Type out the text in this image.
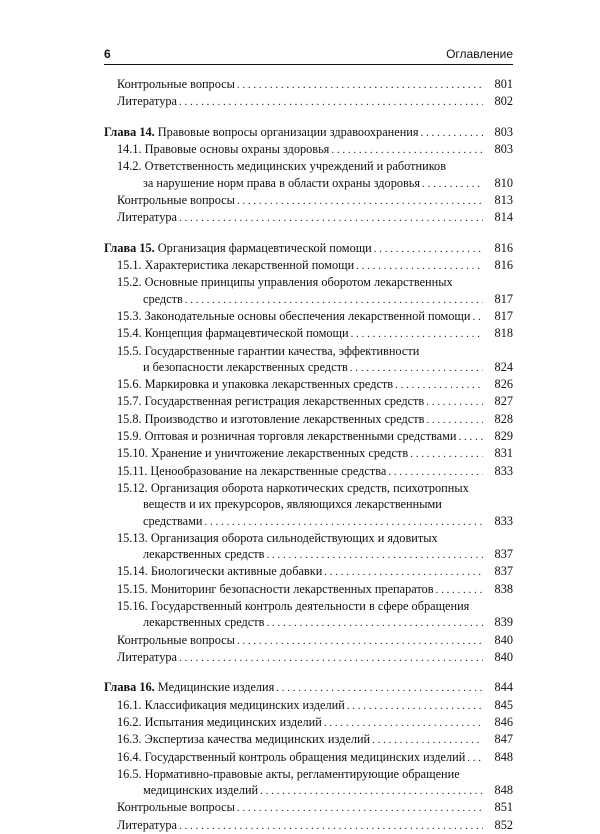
6	Оглавление
Контрольные вопросы . . .	801
Литература . . .	802
Глава 14. Правовые вопросы организации здравоохранения . . .	803
14.1. Правовые основы охраны здоровья . . .	803
14.2. Ответственность медицинских учреждений и работников
за нарушение норм права в области охраны здоровья . . .	810
Контрольные вопросы . . .	813
Литература . . .	814
Глава 15. Организация фармацевтической помощи . . .	816
15.1. Характеристика лекарственной помощи . . .	816
15.2. Основные принципы управления оборотом лекарственных
средств . . .	817
15.3. Законодательные основы обеспечения лекарственной помощи . . .	817
15.4. Концепция фармацевтической помощи . . .	818
15.5. Государственные гарантии качества, эффективности
и безопасности лекарственных средств . . .	824
15.6. Маркировка и упаковка лекарственных средств . . .	826
15.7. Государственная регистрация лекарственных средств . . .	827
15.8. Производство и изготовление лекарственных средств . . .	828
15.9. Оптовая и розничная торговля лекарственными средствами . . .	829
15.10. Хранение и уничтожение лекарственных средств . . .	831
15.11. Ценообразование на лекарственные средства . . .	833
15.12. Организация оборота наркотических средств, психотропных
веществ и их прекурсоров, являющихся лекарственными
средствами . . .	833
15.13. Организация оборота сильнодействующих и ядовитых
лекарственных средств . . .	837
15.14. Биологически активные добавки . . .	837
15.15. Мониторинг безопасности лекарственных препаратов . . .	838
15.16. Государственный контроль деятельности в сфере обращения
лекарственных средств . . .	839
Контрольные вопросы . . .	840
Литература . . .	840
Глава 16. Медицинские изделия . . .	844
16.1. Классификация медицинских изделий . . .	845
16.2. Испытания медицинских изделий . . .	846
16.3. Экспертиза качества медицинских изделий . . .	847
16.4. Государственный контроль обращения медицинских изделий . . .	848
16.5. Нормативно-правовые акты, регламентирующие обращение
медицинских изделий . . .	848
Контрольные вопросы . . .	851
Литература . . .	852
